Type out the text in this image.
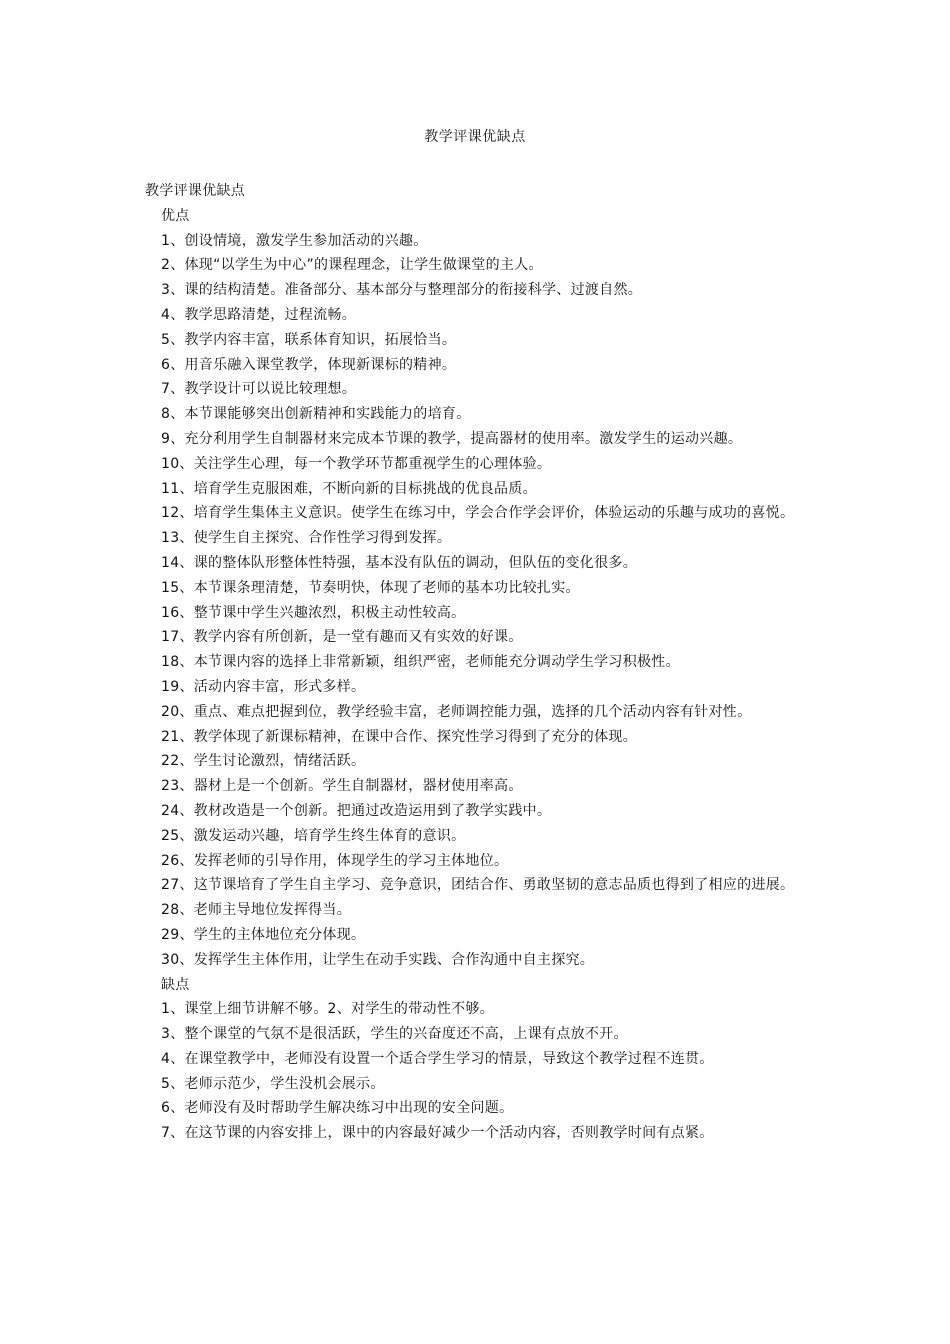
教学评课优缺点

教学评课优缺点

优点

1、创设情境，激发学生参加活动的兴趣。

2、体现“以学生为中心”的课程理念，让学生做课堂的主人。

3、课的结构清楚。准备部分、基本部分与整理部分的衔接科学、过渡自然。

4、教学思路清楚，过程流畅。

5、教学内容丰富，联系体育知识，拓展恰当。

6、用音乐融入课堂教学，体现新课标的精神。

7、教学设计可以说比较理想。

8、本节课能够突出创新精神和实践能力的培育。

9、充分利用学生自制器材来完成本节课的教学，提高器材的使用率。激发学生的运动兴趣。

10、关注学生心理，每一个教学环节都重视学生的心理体验。

11、培育学生克服困难，不断向新的目标挑战的优良品质。

12、培育学生集体主义意识。使学生在练习中，学会合作学会评价，体验运动的乐趣与成功的喜悦。

13、使学生自主探究、合作性学习得到发挥。

14、课的整体队形整体性特强，基本没有队伍的调动，但队伍的变化很多。

15、本节课条理清楚，节奏明快，体现了老师的基本功比较扎实。

16、整节课中学生兴趣浓烈，积极主动性较高。

17、教学内容有所创新，是一堂有趣而又有实效的好课。

18、本节课内容的选择上非常新颖，组织严密，老师能充分调动学生学习积极性。

19、活动内容丰富，形式多样。

20、重点、难点把握到位，教学经验丰富，老师调控能力强，选择的几个活动内容有针对性。

21、教学体现了新课标精神，在课中合作、探究性学习得到了充分的体现。

22、学生讨论激烈，情绪活跃。

23、器材上是一个创新。学生自制器材，器材使用率高。

24、教材改造是一个创新。把通过改造运用到了教学实践中。

25、激发运动兴趣，培育学生终生体育的意识。

26、发挥老师的引导作用，体现学生的学习主体地位。

27、这节课培育了学生自主学习、竞争意识，团结合作、勇敢坚韧的意志品质也得到了相应的进展。

28、老师主导地位发挥得当。

29、学生的主体地位充分体现。

30、发挥学生主体作用，让学生在动手实践、合作沟通中自主探究。

缺点

1、课堂上细节讲解不够。2、对学生的带动性不够。

3、整个课堂的气氛不是很活跃，学生的兴奋度还不高，上课有点放不开。

4、在课堂教学中，老师没有设置一个适合学生学习的情景，导致这个教学过程不连贯。

5、老师示范少，学生没机会展示。

6、老师没有及时帮助学生解决练习中出现的安全问题。

7、在这节课的内容安排上，课中的内容最好减少一个活动内容，否则教学时间有点紧。
